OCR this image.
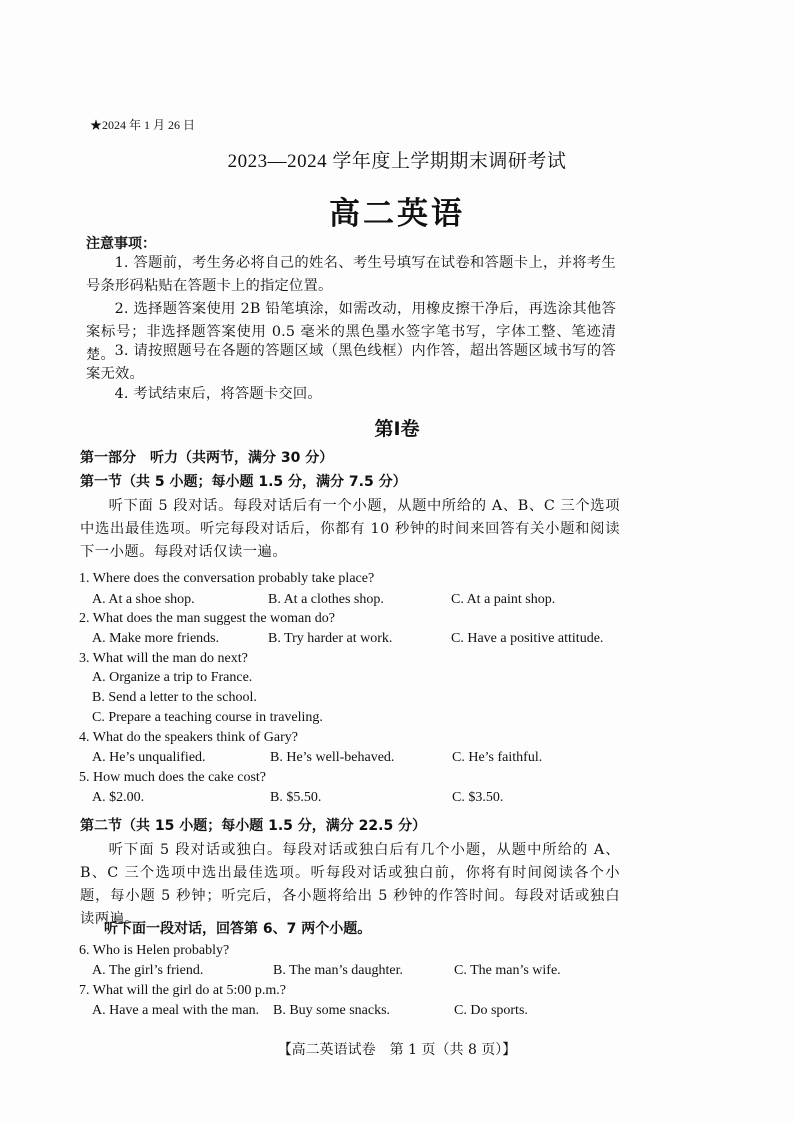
★2024 年 1 月 26 日
2023—2024 学年度上学期期末调研考试
高二英语
注意事项：
1. 答题前，考生务必将自己的姓名、考生号填写在试卷和答题卡上，并将考生号条形码粘贴在答题卡上的指定位置。
2. 选择题答案使用 2B 铅笔填涂，如需改动，用橡皮擦干净后，再选涂其他答案标号；非选择题答案使用 0.5 毫米的黑色墨水签字笔书写，字体工整、笔迹清楚。 3. 请按照题号在各题的答题区域（黑色线框）内作答，超出答题区域书写的答案无效。
4. 考试结束后，将答题卡交回。
第Ⅰ卷
第一部分　听力（共两节，满分 30 分）
第一节（共 5 小题；每小题 1.5 分，满分 7.5 分）
听下面 5 段对话。每段对话后有一个小题，从题中所给的 A、B、C 三个选项中选出最佳选项。听完每段对话后，你都有 10 秒钟的时间来回答有关小题和阅读下一小题。每段对话仅读一遍。
1. Where does the conversation probably take place?
A. At a shoe shop.	B. At a clothes shop.	C. At a paint shop.
2. What does the man suggest the woman do?
A. Make more friends.	B. Try harder at work.	C. Have a positive attitude.
3. What will the man do next?
A. Organize a trip to France.
B. Send a letter to the school.
C. Prepare a teaching course in traveling.
4. What do the speakers think of Gary?
A. He’s unqualified.	B. He’s well-behaved.	C. He’s faithful.
5. How much does the cake cost?
A. $2.00.	B. $5.50.	C. $3.50.
第二节（共 15 小题；每小题 1.5 分，满分 22.5 分）
听下面 5 段对话或独白。每段对话或独白后有几个小题，从题中所给的 A、B、C 三个选项中选出最佳选项。听每段对话或独白前，你将有时间阅读各个小题，每小题 5 秒钟；听完后，各小题将给出 5 秒钟的作答时间。每段对话或独白读两遍。
听下面一段对话，回答第 6、7 两个小题。
6. Who is Helen probably?
A. The girl’s friend.	B. The man’s daughter.	C. The man’s wife.
7. What will the girl do at 5:00 p.m.?
A. Have a meal with the man. B. Buy some snacks.	C. Do sports.
【高二英语试卷　第 1 页（共 8 页）】
